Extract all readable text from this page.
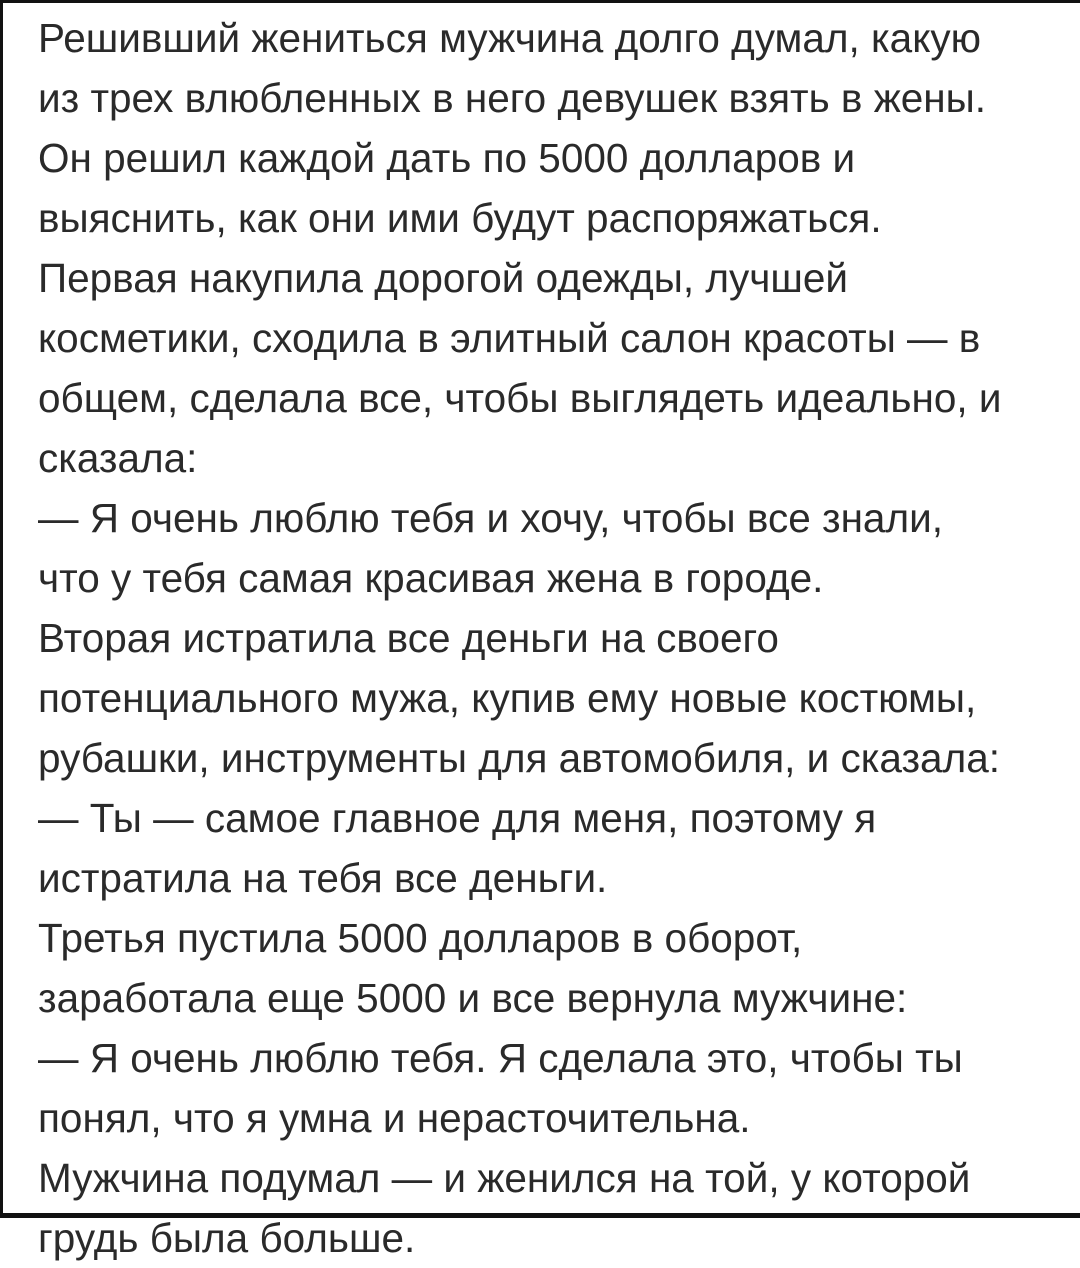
Решивший жениться мужчина долго думал, какую
из трех влюбленных в него девушек взять в жены.
Он решил каждой дать по 5000 долларов и
выяснить, как они ими будут распоряжаться.
Первая накупила дорогой одежды, лучшей
косметики, сходила в элитный салон красоты — в
общем, сделала все, чтобы выглядеть идеально, и
сказала:
— Я очень люблю тебя и хочу, чтобы все знали,
что у тебя самая красивая жена в городе.
Вторая истратила все деньги на своего
потенциального мужа, купив ему новые костюмы,
рубашки, инструменты для автомобиля, и сказала:
— Ты — самое главное для меня, поэтому я
истратила на тебя все деньги.
Третья пустила 5000 долларов в оборот,
заработала еще 5000 и все вернула мужчине:
— Я очень люблю тебя. Я сделала это, чтобы ты
понял, что я умна и нерасточительна.
Мужчина подумал — и женился на той, у которой
грудь была больше.
